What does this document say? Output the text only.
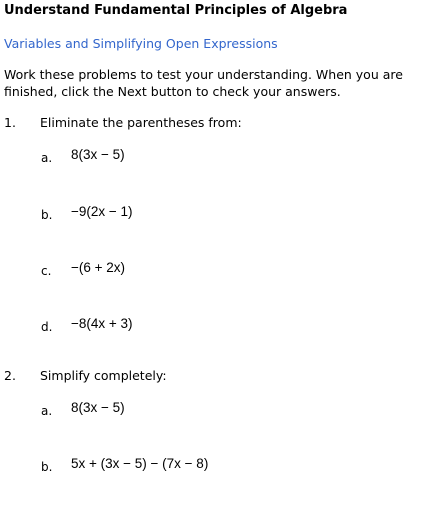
Understand Fundamental Principles of Algebra
Variables and Simplifying Open Expressions
Work these problems to test your understanding. When you are finished, click the Next button to check your answers.
1. Eliminate the parentheses from:
a. 8(3x − 5)
b. −9(2x − 1)
c. −(6 + 2x)
d. −8(4x + 3)
2. Simplify completely:
a. 8(3x − 5)
b. 5x + (3x − 5) − (7x − 8)
